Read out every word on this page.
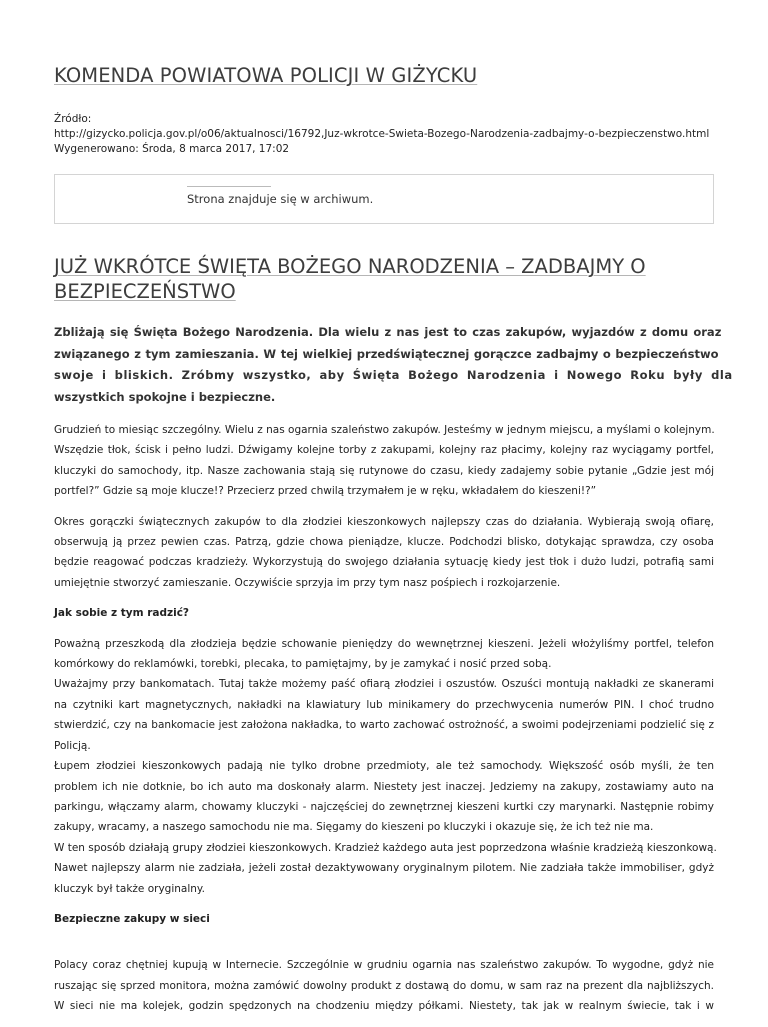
KOMENDA POWIATOWA POLICJI W GIŻYCKU
Źródło:
http://gizycko.policja.gov.pl/o06/aktualnosci/16792,Juz-wkrotce-Swieta-Bozego-Narodzenia-zadbajmy-o-bezpieczenstwo.html
Wygenerowano: Środa, 8 marca 2017, 17:02
Strona znajduje się w archiwum.
JUŻ WKRÓTCE ŚWIĘTA BOŻEGO NARODZENIA – ZADBAJMY O
BEZPIECZEŃSTWO
Zbliżają się Święta Bożego Narodzenia. Dla wielu z nas jest to czas zakupów, wyjazdów z domu oraz
związanego z tym zamieszania. W tej wielkiej przedświątecznej gorączce zadbajmy o bezpieczeństwo
swoje i bliskich. Zróbmy wszystko, aby Święta Bożego Narodzenia i Nowego Roku były dla
wszystkich spokojne i bezpieczne.
Grudzień to miesiąc szczególny. Wielu z nas ogarnia szaleństwo zakupów. Jesteśmy w jednym miejscu, a myślami o kolejnym.
Wszędzie tłok, ścisk i pełno ludzi. Dźwigamy kolejne torby z zakupami, kolejny raz płacimy, kolejny raz wyciągamy portfel,
kluczyki do samochody, itp. Nasze zachowania stają się rutynowe do czasu, kiedy zadajemy sobie pytanie „Gdzie jest mój
portfel?” Gdzie są moje klucze!? Przecierz przed chwilą trzymałem je w ręku, wkładałem do kieszeni!?”
Okres gorączki świątecznych zakupów to dla złodziei kieszonkowych najlepszy czas do działania. Wybierają swoją ofiarę,
obserwują ją przez pewien czas. Patrzą, gdzie chowa pieniądze, klucze. Podchodzi blisko, dotykając sprawdza, czy osoba
będzie reagować podczas kradzieży. Wykorzystują do swojego działania sytuację kiedy jest tłok i dużo ludzi, potrafią sami
umiejętnie stworzyć zamieszanie. Oczywiście sprzyja im przy tym nasz pośpiech i rozkojarzenie.
Jak sobie z tym radzić?
Poważną przeszkodą dla złodzieja będzie schowanie pieniędzy do wewnętrznej kieszeni. Jeżeli włożyliśmy portfel, telefon
komórkowy do reklamówki, torebki, plecaka, to pamiętajmy, by je zamykać i nosić przed sobą.
Uważajmy przy bankomatach. Tutaj także możemy paść ofiarą złodziei i oszustów. Oszuści montują nakładki ze skanerami
na czytniki kart magnetycznych, nakładki na klawiatury lub minikamery do przechwycenia numerów PIN. I choć trudno
stwierdzić, czy na bankomacie jest założona nakładka, to warto zachować ostrożność, a swoimi podejrzeniami podzielić się z
Policją.
Łupem złodziei kieszonkowych padają nie tylko drobne przedmioty, ale też samochody. Większość osób myśli, że ten
problem ich nie dotknie, bo ich auto ma doskonały alarm. Niestety jest inaczej. Jedziemy na zakupy, zostawiamy auto na
parkingu, włączamy alarm, chowamy kluczyki - najczęściej do zewnętrznej kieszeni kurtki czy marynarki. Następnie robimy
zakupy, wracamy, a naszego samochodu nie ma. Sięgamy do kieszeni po kluczyki i okazuje się, że ich też nie ma.
W ten sposób działają grupy złodziei kieszonkowych. Kradzież każdego auta jest poprzedzona właśnie kradzieżą kieszonkową.
Nawet najlepszy alarm nie zadziała, jeżeli został dezaktywowany oryginalnym pilotem. Nie zadziała także immobiliser, gdyż
kluczyk był także oryginalny.
Bezpieczne zakupy w sieci
Polacy coraz chętniej kupują w Internecie. Szczególnie w grudniu ogarnia nas szaleństwo zakupów. To wygodne, gdyż nie
ruszając się sprzed monitora, można zamówić dowolny produkt z dostawą do domu, w sam raz na prezent dla najbliższych.
W sieci nie ma kolejek, godzin spędzonych na chodzeniu między półkami. Niestety, tak jak w realnym świecie, tak i w
